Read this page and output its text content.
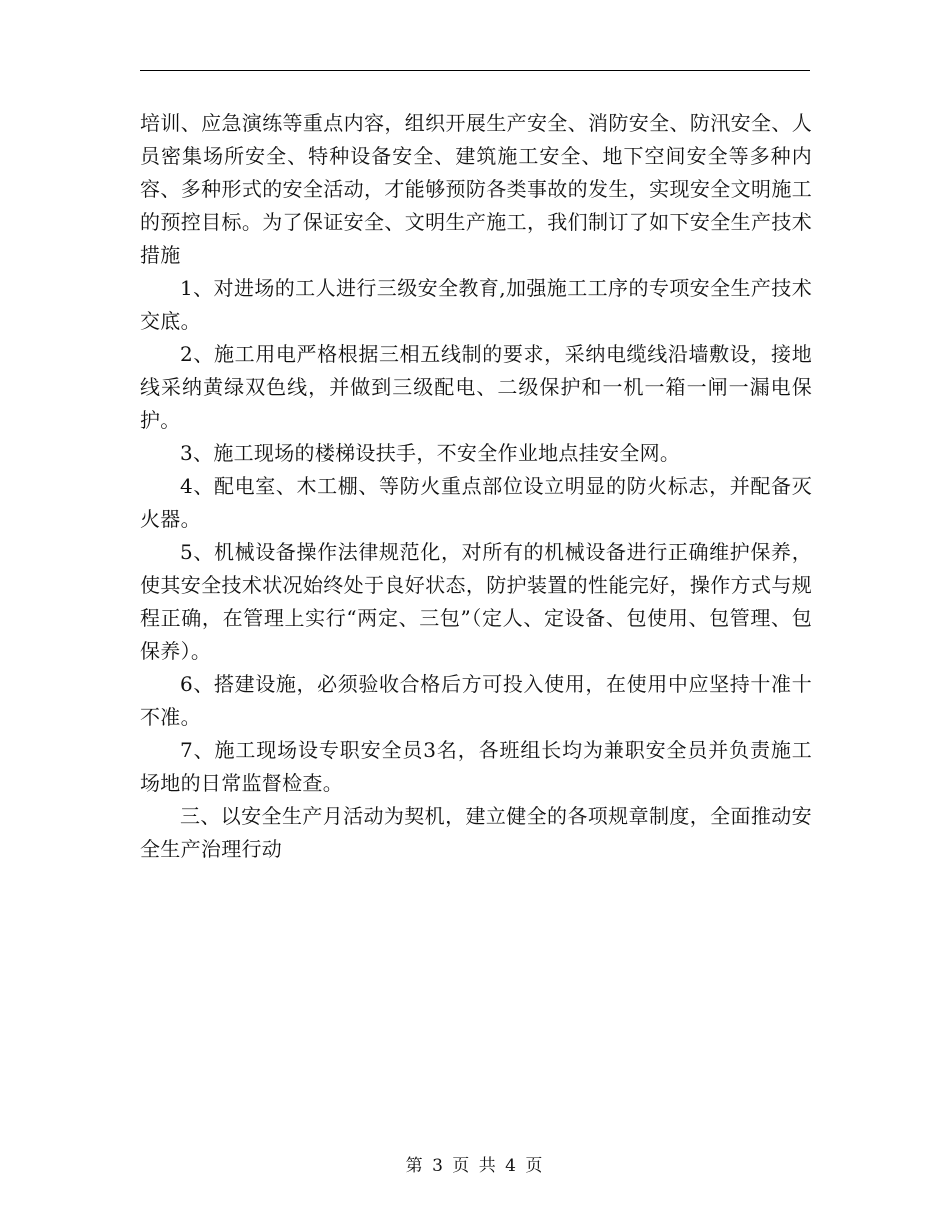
培训、应急演练等重点内容，组织开展生产安全、消防安全、防汛安全、人员密集场所安全、特种设备安全、建筑施工安全、地下空间安全等多种内容、多种形式的安全活动，才能够预防各类事故的发生，实现安全文明施工的预控目标。为了保证安全、文明生产施工，我们制订了如下安全生产技术措施

1、对进场的工人进行三级安全教育,加强施工工序的专项安全生产技术交底。

2、施工用电严格根据三相五线制的要求，采纳电缆线沿墙敷设，接地线采纳黄绿双色线，并做到三级配电、二级保护和一机一箱一闸一漏电保护。

3、施工现场的楼梯设扶手，不安全作业地点挂安全网。

4、配电室、木工棚、等防火重点部位设立明显的防火标志，并配备灭火器。

5、机械设备操作法律规范化，对所有的机械设备进行正确维护保养，使其安全技术状况始终处于良好状态，防护装置的性能完好，操作方式与规程正确，在管理上实行“两定、三包”（定人、定设备、包使用、包管理、包保养）。

6、搭建设施，必须验收合格后方可投入使用，在使用中应坚持十准十不准。

7、施工现场设专职安全员3名，各班组长均为兼职安全员并负责施工场地的日常监督检查。

三、以安全生产月活动为契机，建立健全的各项规章制度，全面推动安全生产治理行动

第 3 页 共 4 页
